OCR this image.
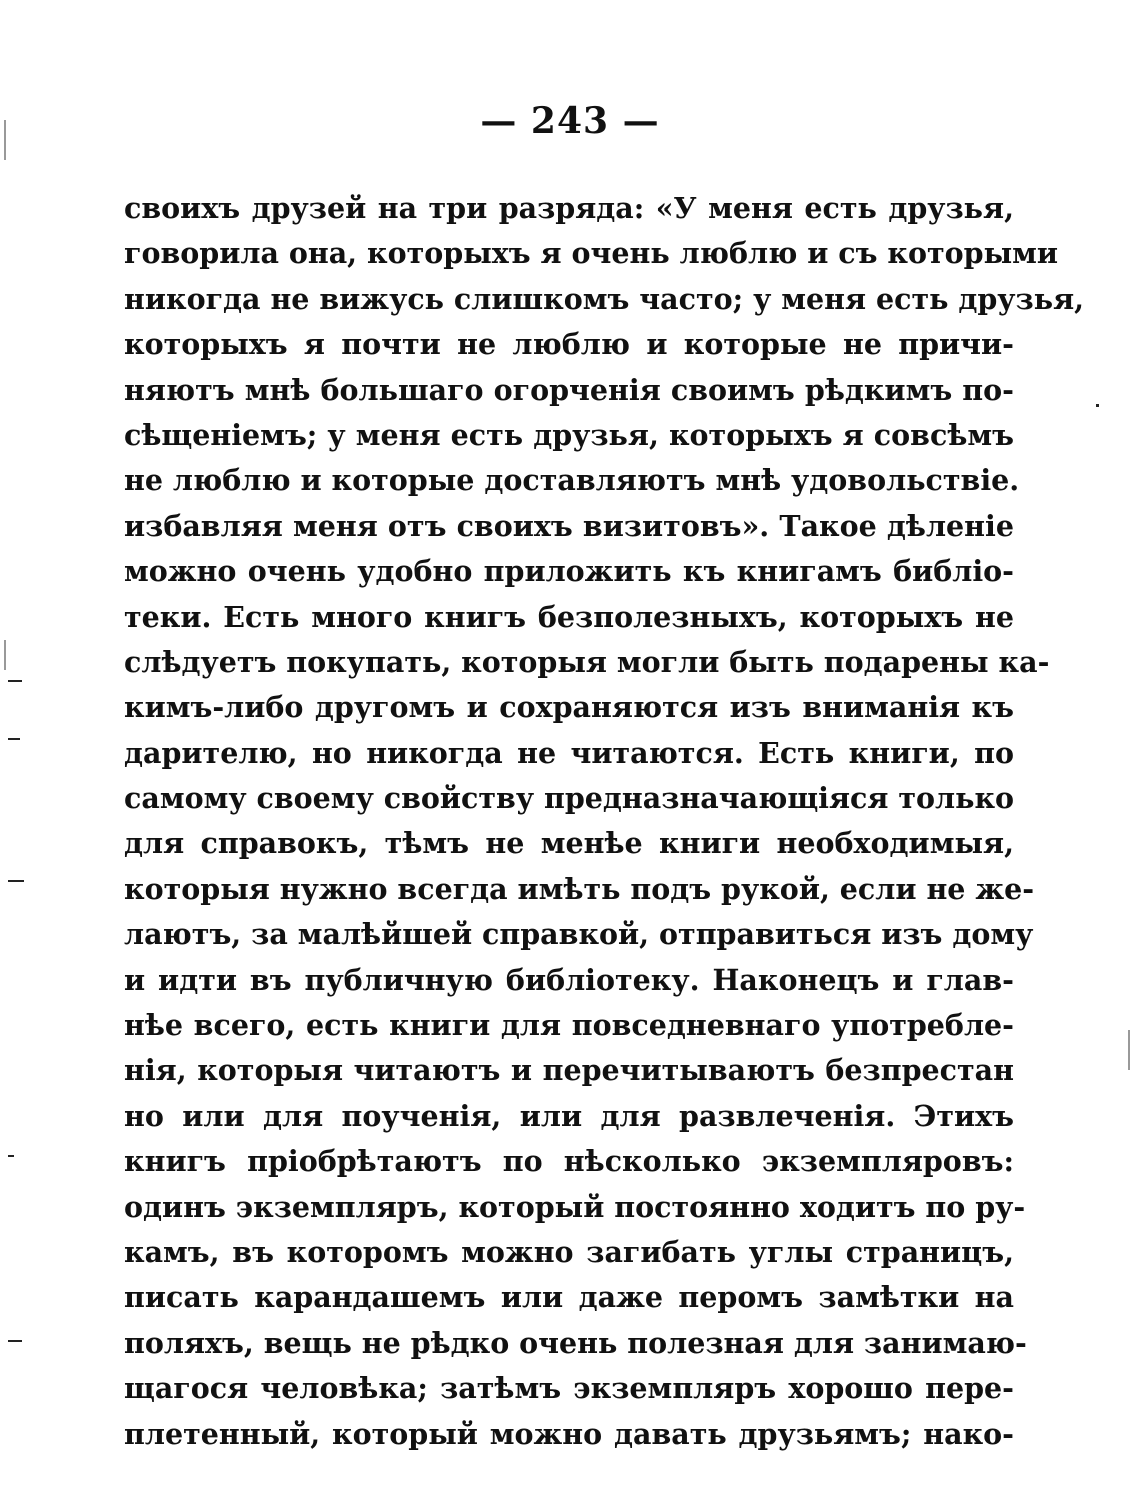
— 243 —
своихъ друзей на три разряда: «У меня есть друзья,
говорила она, которыхъ я очень люблю и съ которыми
никогда не вижусь слишкомъ часто; у меня есть друзья,
которыхъ я почти не люблю и которые не причи-
няютъ мнѣ большаго огорченія своимъ рѣдкимъ по-
сѣщеніемъ; у меня есть друзья, которыхъ я совсѣмъ
не люблю и которые доставляютъ мнѣ удовольствіе.
избавляя меня отъ своихъ визитовъ». Такое дѣленіе
можно очень удобно приложить къ книгамъ библіо-
теки. Есть много книгъ безполезныхъ, которыхъ не
слѣдуетъ покупать, которыя могли быть подарены ка-
кимъ-либо другомъ и сохраняются изъ вниманія къ
дарителю, но никогда не читаются. Есть книги, по
самому своему свойству предназначающіяся только
для справокъ, тѣмъ не менѣе книги необходимыя,
которыя нужно всегда имѣть подъ рукой, если не же-
лаютъ, за малѣйшей справкой, отправиться изъ дому
и идти въ публичную библіотеку. Наконецъ и глав-
нѣе всего, есть книги для повседневнаго употребле-
нія, которыя читаютъ и перечитываютъ безпрестан
но или для поученія, или для развлеченія. Этихъ
книгъ пріобрѣтаютъ по нѣсколько экземпляровъ:
одинъ экземпляръ, который постоянно ходитъ по ру-
камъ, въ которомъ можно загибать углы страницъ,
писать карандашемъ или даже перомъ замѣтки на
поляхъ, вещь не рѣдко очень полезная для занимаю-
щагося человѣка; затѣмъ экземпляръ хорошо пере-
плетенный, который можно давать друзьямъ; нако-
